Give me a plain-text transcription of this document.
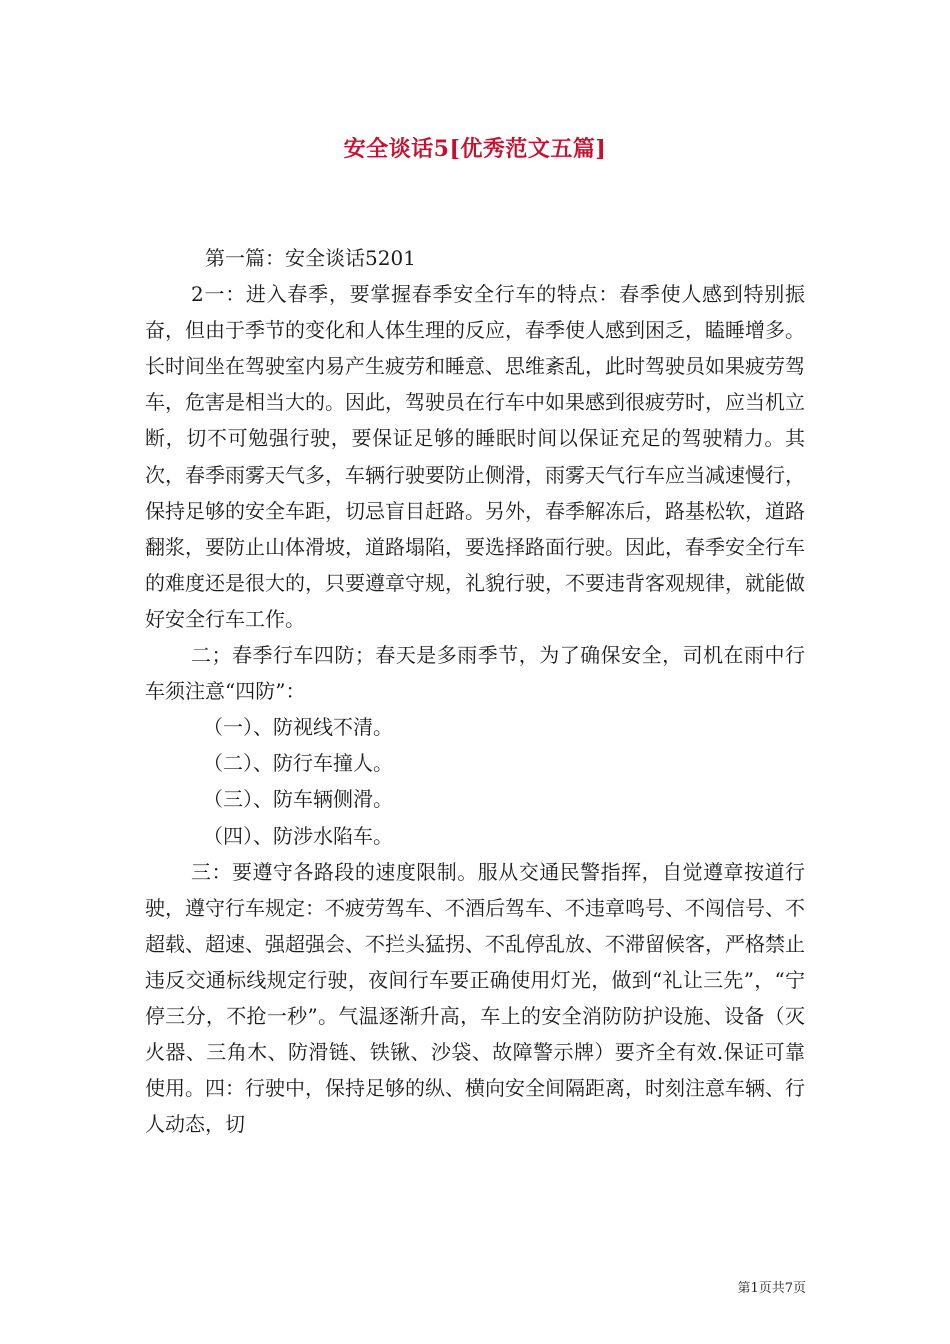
安全谈话5[优秀范文五篇]

第一篇：安全谈话5201

2一：进入春季，要掌握春季安全行车的特点：春季使人感到特别振奋，但由于季节的变化和人体生理的反应，春季使人感到困乏，瞌睡增多。长时间坐在驾驶室内易产生疲劳和睡意、思维紊乱，此时驾驶员如果疲劳驾车，危害是相当大的。因此，驾驶员在行车中如果感到很疲劳时，应当机立断，切不可勉强行驶，要保证足够的睡眠时间以保证充足的驾驶精力。其次，春季雨雾天气多，车辆行驶要防止侧滑，雨雾天气行车应当减速慢行，保持足够的安全车距，切忌盲目赶路。另外，春季解冻后，路基松软，道路翻浆，要防止山体滑坡，道路塌陷，要选择路面行驶。因此，春季安全行车的难度还是很大的，只要遵章守规，礼貌行驶，不要违背客观规律，就能做好安全行车工作。

二；春季行车四防；春天是多雨季节，为了确保安全，司机在雨中行车须注意“四防”：

（一）、防视线不清。

（二）、防行车撞人。

（三）、防车辆侧滑。

（四）、防涉水陷车。

三：要遵守各路段的速度限制。服从交通民警指挥，自觉遵章按道行驶，遵守行车规定：不疲劳驾车、不酒后驾车、不违章鸣号、不闯信号、不超载、超速、强超强会、不拦头猛拐、不乱停乱放、不滞留候客，严格禁止违反交通标线规定行驶，夜间行车要正确使用灯光，做到“礼让三先”，“宁停三分，不抢一秒”。气温逐渐升高，车上的安全消防防护设施、设备（灭火器、三角木、防滑链、铁锹、沙袋、故障警示牌）要齐全有效.保证可靠使用。四：行驶中，保持足够的纵、横向安全间隔距离，时刻注意车辆、行人动态，切

第1页共7页
